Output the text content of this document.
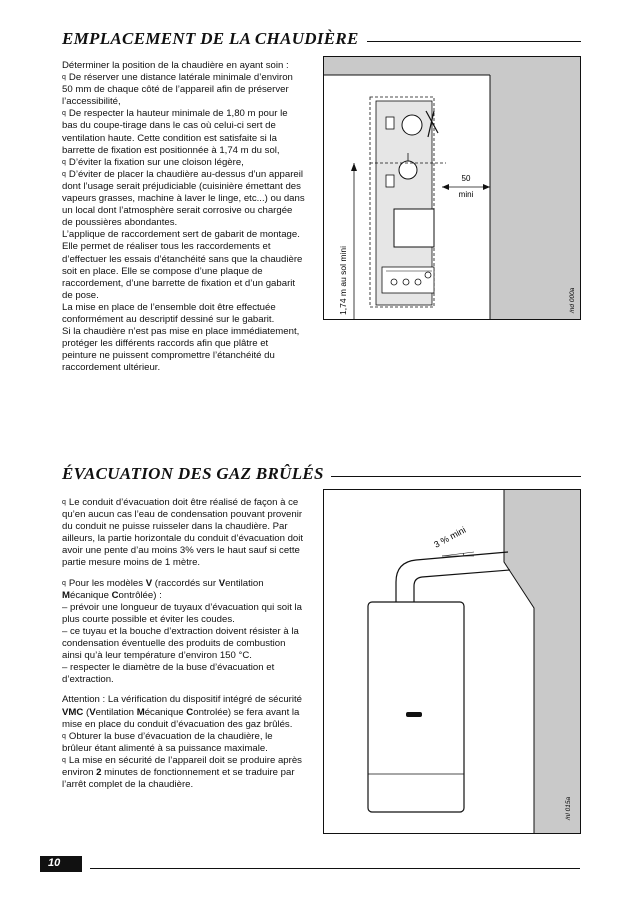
EMPLACEMENT DE LA CHAUDIÈRE

Déterminer la position de la chaudière en ayant soin :

q De réserver une distance latérale minimale d’environ 50 mm de chaque côté de l’appareil afin de préserver l’accessibilité,

q De respecter la hauteur minimale de 1,80 m pour le bas du coupe-tirage dans le cas où celui-ci sert de ventilation haute. Cette condition est satisfaite si la barrette de fixation est positionnée à 1,74 m du sol,

q D’éviter la fixation sur une cloison légère,

q D’éviter de placer la chaudière au-dessus d’un appareil dont l’usage serait préjudiciable (cuisinière émettant des vapeurs grasses, machine à laver le linge, etc...) ou dans un local dont l’atmosphère serait corrosive ou chargée de poussières abondantes.

L’applique de raccordement sert de gabarit de montage. Elle permet de réaliser tous les raccordements et d’effectuer les essais d’étanchéité sans que la chaudière soit en place. Elle se compose d’une plaque de raccordement, d’une barrette de fixation et d’un gabarit de pose.

La mise en place de l’ensemble doit être effectuée conformément au descriptif dessiné sur le gabarit.

Si la chaudière n’est pas mise en place immédiatement, protéger les différents raccords afin que plâtre et peinture ne puissent compromettre l’étanchéité du raccordement ultérieur.

1,74 m au sol mini
50
mini
/nd 000a
ÉVACUATION DES GAZ BRÛLÉS

q Le conduit d’évacuation doit être réalisé de façon à ce qu’en aucun cas l’eau de condensation pouvant provenir du conduit ne puisse ruisseler dans la chaudière. Par ailleurs, la partie horizontale du conduit d’évacuation doit avoir une pente d’au moins 3% vers le haut sauf si cette partie mesure moins de 1 mètre.

q Pour les modèles V (raccordés sur Ventilation Mécanique Contrôlée) :

– prévoir une longueur de tuyaux d’évacuation qui soit la plus courte possible et éviter les coudes.

– ce tuyau et la bouche d’extraction doivent résister à la condensation éventuelle des produits de combustion ainsi qu’à leur température d’environ 150 °C.

– respecter le diamètre de la buse d’évacuation et d’extraction.

Attention : La vérification du dispositif intégré de sécurité VMC (Ventilation Mécanique Controlée) se fera avant la mise en place du conduit d’évacuation des gaz brûlés.

q Obturer la buse d’évacuation de la chaudière, le brûleur étant alimenté à sa puissance maximale.

q La mise en sécurité de l’appareil doit se produire après environ 2 minutes de fonctionnement et se traduire par l’arrêt complet de la chaudière.

3 % mini
/nl 015a
10
